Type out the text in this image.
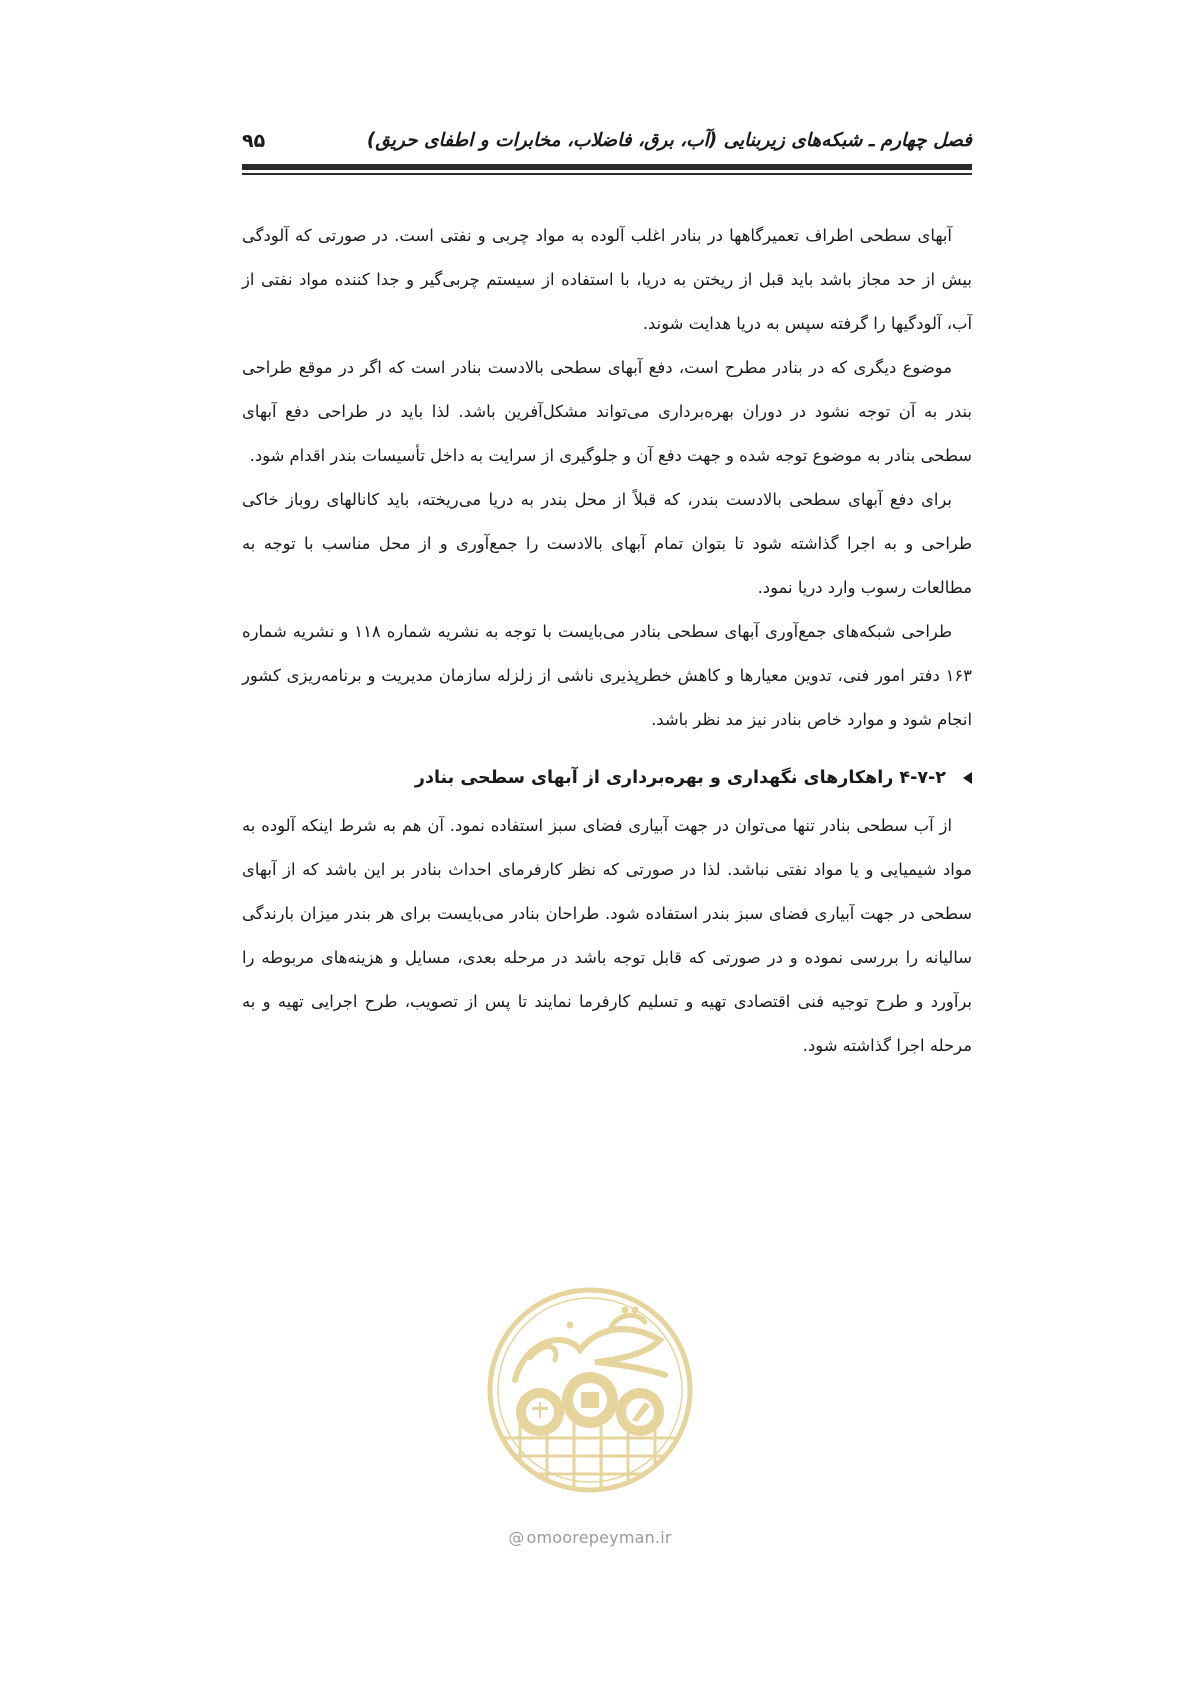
فصل چهارم ـ شبکه‌های زیربنایی (آب، برق، فاضلاب، مخابرات و اطفای حریق)
۹۵

آبهای سطحی اطراف تعمیرگاهها در بنادر اغلب آلوده به مواد چربی و نفتی است. در صورتی که آلودگی بیش از حد مجاز باشد باید قبل از ریختن به دریا، با استفاده از سیستم چربی‌گیر و جدا کننده مواد نفتی از آب، آلودگیها را گرفته سپس به دریا هدایت شوند.

موضوع دیگری که در بنادر مطرح است، دفع آبهای سطحی بالادست بنادر است که اگر در موقع طراحی بندر به آن توجه نشود در دوران بهره‌برداری می‌تواند مشکل‌آفرین باشد. لذا باید در طراحی دفع آبهای سطحی بنادر به موضوع توجه شده و جهت دفع آن و جلوگیری از سرایت به داخل تأسیسات بندر اقدام شود.

برای دفع آبهای سطحی بالادست بندر، که قبلاً از محل بندر به دریا می‌ریخته، باید کانالهای روباز خاکی طراحی و به اجرا گذاشته شود تا بتوان تمام آبهای بالادست را جمع‌آوری و از محل مناسب با توجه به مطالعات رسوب وارد دریا نمود.

طراحی شبکه‌های جمع‌آوری آبهای سطحی بنادر می‌بایست با توجه به نشریه شماره ۱۱۸ و نشریه شماره ۱۶۳ دفتر امور فنی، تدوین معیارها و کاهش خطرپذیری ناشی از زلزله سازمان مدیریت و برنامه‌ریزی کشور انجام شود و موارد خاص بنادر نیز مد نظر باشد.

۴-۷-۲ راهکارهای نگهداری و بهره‌برداری از آبهای سطحی بنادر

از آب سطحی بنادر تنها می‌توان در جهت آبیاری فضای سبز استفاده نمود. آن هم به شرط اینکه آلوده به مواد شیمیایی و یا مواد نفتی نباشد. لذا در صورتی که نظر کارفرمای احداث بنادر بر این باشد که از آبهای سطحی در جهت آبیاری فضای سبز بندر استفاده شود. طراحان بنادر می‌بایست برای هر بندر میزان بارندگی سالیانه را بررسی نموده و در صورتی که قابل توجه باشد در مرحله بعدی، مسایل و هزینه‌های مربوطه را برآورد و طرح توجیه فنی اقتصادی تهیه و تسلیم کارفرما نمایند تا پس از تصویب، طرح اجرایی تهیه و به مرحله اجرا گذاشته شود.

@ omoorepeyman.ir
